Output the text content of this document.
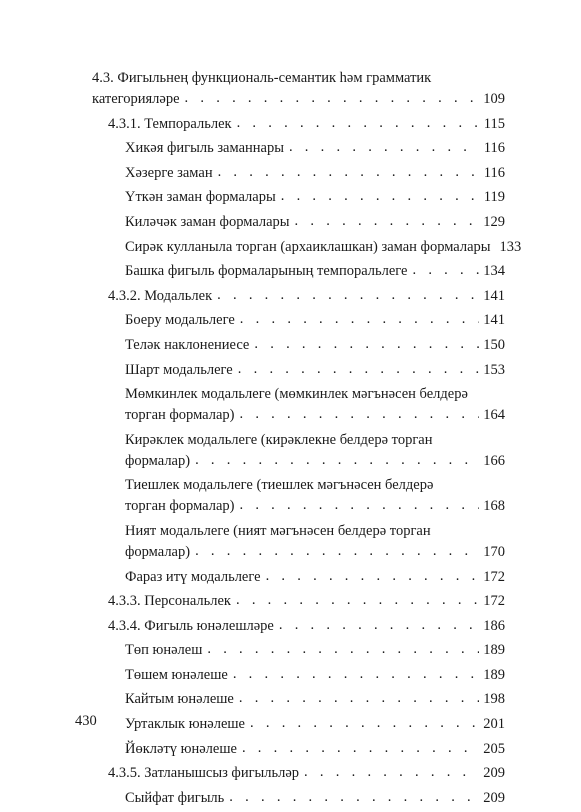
4.3. Фигыльнең функциональ-семантик һәм грамматик
категорияләре . . .	109
4.3.1. Темпоральлек . . .	115
Хикәя фигыль заманнары . . .	116
Хәзерге заман . . .	116
Үткән заман формалары . . .	119
Киләчәк заман формалары . . .	129
Сирәк кулланыла торган (архаиклашкан) заман формалары 133
Башка фигыль формаларының темпоральлеге . . .	134
4.3.2. Модальлек . . .	141
Боеру модальлеге . . .	141
Теләк наклонениесе . . .	150
Шарт модальлеге . . .	153
Мөмкинлек модальлеге (мөмкинлек мәгънәсен белдерә
торган формалар) . . .	164
Кирәклек модальлеге (кирәклекне белдерә торган
формалар) . . .	166
Тиешлек модальлеге (тиешлек мәгънәсен белдерә
торган формалар) . . .	168
Ният модальлеге (ният мәгънәсен белдерә торган
формалар) . . .	170
Фараз итү модальлеге . . .	172
4.3.3. Персональлек . . .	172
4.3.4. Фигыль юнәлешләре . . .	186
Төп юнәлеш . . .	189
Төшем юнәлеше . . .	189
Кайтым юнәлеше . . .	198
Уртаклык юнәлеше . . .	201
Йөкләтү юнәлеше . . .	205
4.3.5. Затланышсыз фигыльләр . . .	209
Сыйфат фигыль . . .	209
430
